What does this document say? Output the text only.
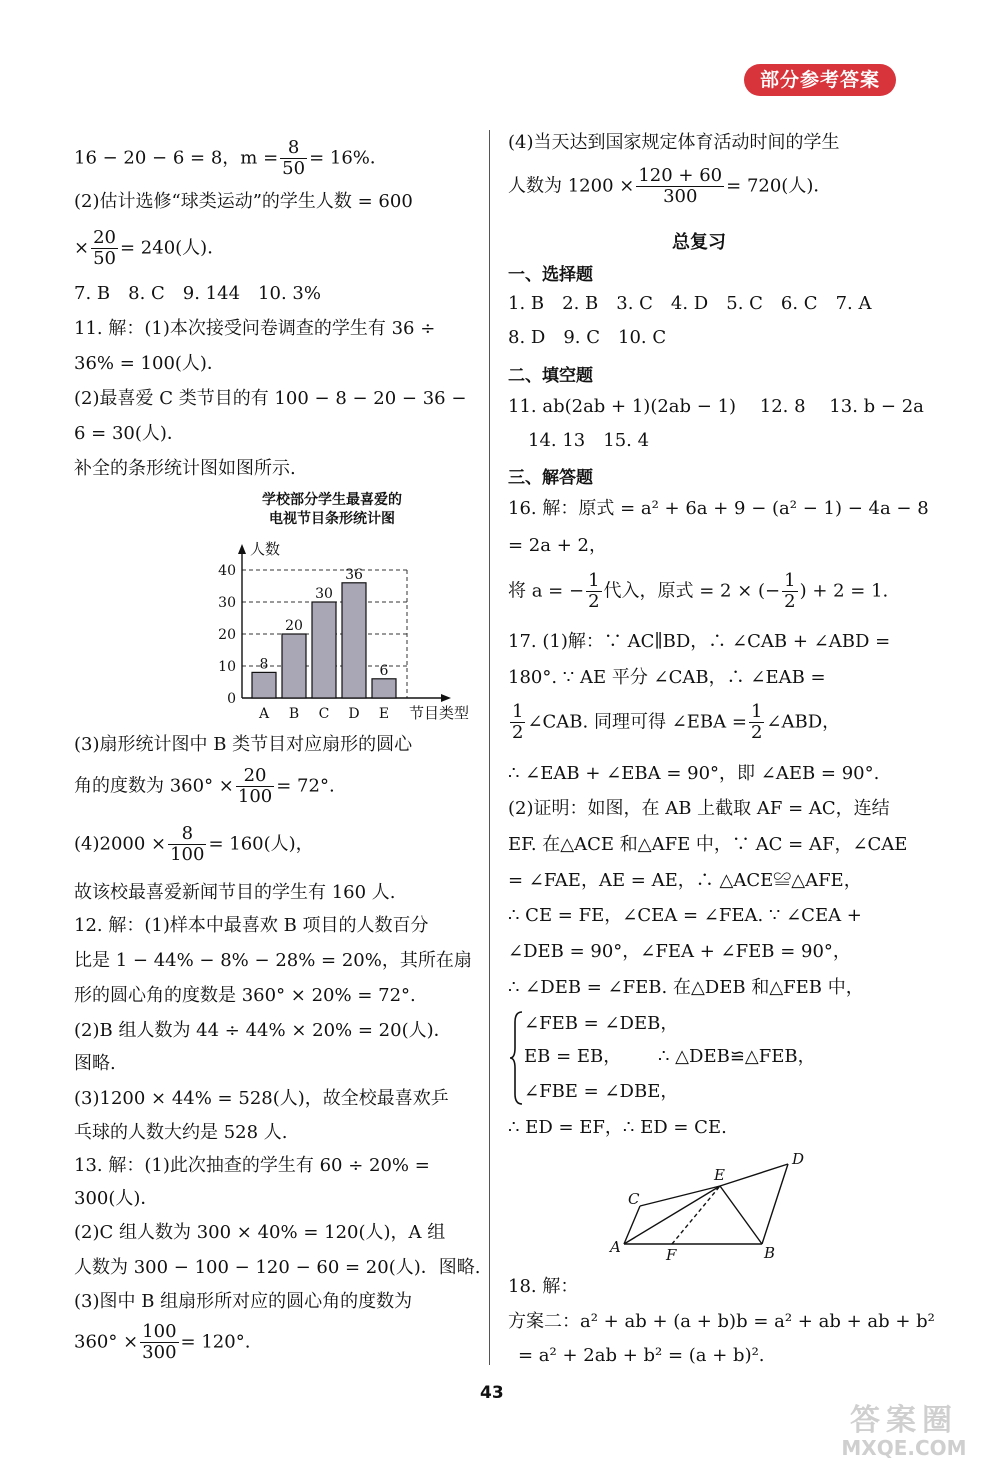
部分参考答案
16 − 20 − 6 = 8，$m = \frac{8}{50} = 16\%$．
(2)估计选修“球类运动”的学生人数 = 600
× $\frac{20}{50} = 240$(人)．
7. B　8. C　9. 144　10. 3%
11. 解：(1)本次接受问卷调查的学生有 36 ÷
36% = 100(人)．
(2)最喜爱 C 类节目的有 100 − 8 − 20 − 36 −
6 = 30(人)．
补全的条形统计图如图所示.
学校部分学生最喜爱的
电视节目条形统计图
0
10
20
30
40
人数
8
A
20
B
30
C
36
D
6
E 节目类型
(3)扇形统计图中 B 类节目对应扇形的圆心
角的度数为 $360^\circ \times \frac{20}{100} = 72^\circ$.
$(4)2000 \times \frac{8}{100} = 160$(人)，
故该校最喜爱新闻节目的学生有 160 人.
12. 解：(1)样本中最喜欢 B 项目的人数百分
比是 1 − 44% − 8% − 28% = 20%，其所在扇
形的圆心角的度数是 360° × 20% = 72°.
(2)B 组人数为 44 ÷ 44% × 20% = 20(人)．
图略.
(3)1200 × 44% = 528(人)，故全校最喜欢乒
乓球的人数大约是 528 人.
13. 解：(1)此次抽查的学生有 60 ÷ 20% =
300(人)．
(2)C 组人数为 300 × 40% = 120(人)，A 组
人数为 300 − 100 − 120 − 60 = 20(人)．图略.
(3)图中 B 组扇形所对应的圆心角的度数为
$360^\circ \times \frac{100}{300} = 120^\circ$.
(4)当天达到国家规定体育活动时间的学生
人数为 $1200 \times \frac{120 + 60}{300} = 720$(人)．
总复习
一、选择题
1. B　2. B　3. C　4. D　5. C　6. C　7. A
8. D　9. C　10. C
二、填空题
11. ab(2ab + 1)(2ab − 1)　 12. 8　 13. b − 2a
14. 13　15. 4
三、解答题
16. 解：原式 = a² + 6a + 9 − (a² − 1) − 4a − 8
= 2a + 2，
将 a = − $\frac{1}{2}$ 代入，原式 = 2 × (− $\frac{1}{2}$ ) + 2 = 1.
17. (1)解：∵ AC∥BD，∴ ∠CAB + ∠ABD =
180°. ∵ AE 平分 ∠CAB，∴ ∠EAB =
$\frac{1}{2}$ ∠CAB. 同理可得 ∠EBA = $\frac{1}{2}$ ∠ABD，
∴ ∠EAB + ∠EBA = 90°，即 ∠AEB = 90°.
(2)证明：如图，在 AB 上截取 AF = AC，连结
EF. 在△ACE 和△AFE 中，∵ AC = AF，∠CAE
= ∠FAE，AE = AE，∴ △ACE≌△AFE，
∴ CE = FE，∠CEA = ∠FEA. ∵ ∠CEA +
∠DEB = 90°，∠FEA + ∠FEB = 90°，
∴ ∠DEB = ∠FEB. 在△DEB 和△FEB 中，
∠FEB = ∠DEB，
EB = EB， ∴ △DEB≌△FEB，
∠FBE = ∠DBE，
∴ ED = EF，∴ ED = CE.
A	B
C
D
E
F
18. 解：
方案二：a² + ab + (a + b)b = a² + ab + ab + b²
= a² + 2ab + b² = (a + b)².
43
答案圈
MXQE.COM
